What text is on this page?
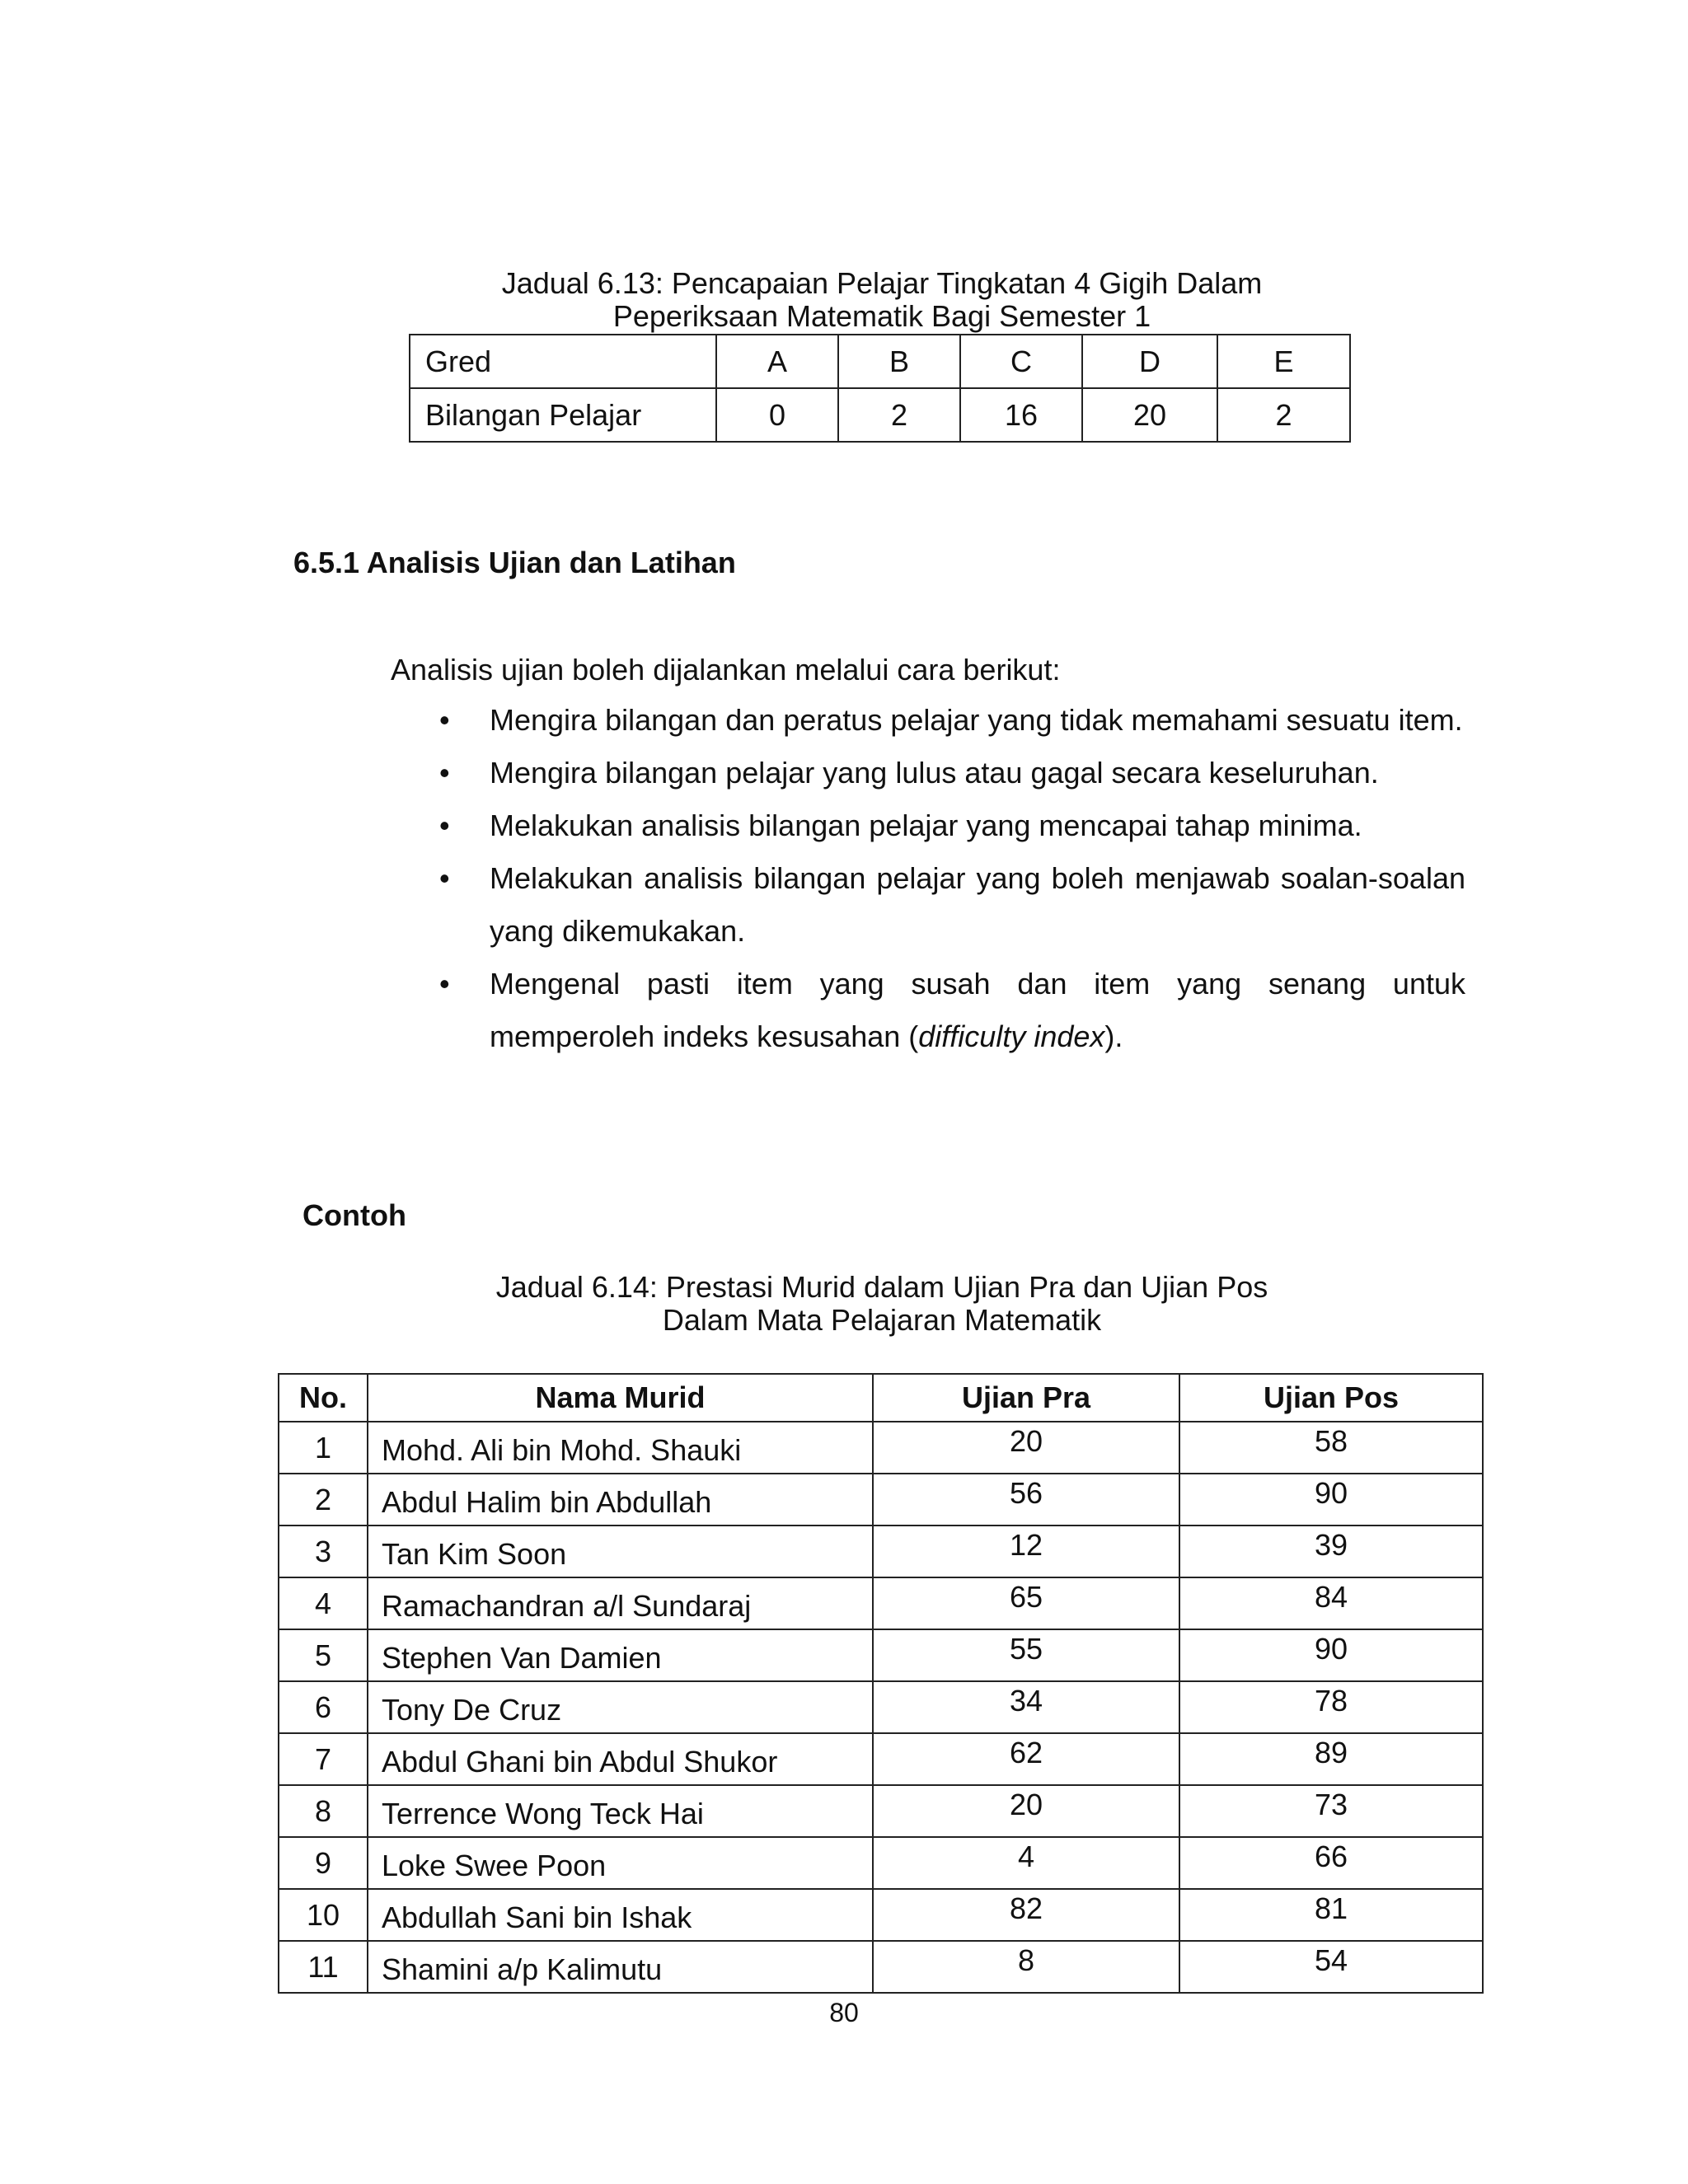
Jadual 6.13: Pencapaian Pelajar Tingkatan 4 Gigih Dalam
Peperiksaan Matematik Bagi Semester 1
Gred	A	B	C	D	E
Bilangan Pelajar	0	2	16	20	2
6.5.1 Analisis Ujian dan Latihan
Analisis ujian boleh dijalankan melalui cara berikut:
• Mengira bilangan dan peratus pelajar yang tidak memahami sesuatu item.
• Mengira bilangan pelajar yang lulus atau gagal secara keseluruhan.
• Melakukan analisis bilangan pelajar yang mencapai tahap minima.
• Melakukan analisis bilangan pelajar yang boleh menjawab soalan-soalan yang dikemukakan.
• Mengenal pasti item yang susah dan item yang senang untuk memperoleh indeks kesusahan (difficulty index).
Contoh
Jadual 6.14: Prestasi Murid dalam Ujian Pra dan Ujian Pos
Dalam Mata Pelajaran Matematik
No.	Nama Murid	Ujian Pra	Ujian Pos
1	Mohd. Ali bin Mohd. Shauki	20	58
2	Abdul Halim bin Abdullah	56	90
3	Tan Kim Soon	12	39
4	Ramachandran a/l Sundaraj	65	84
5	Stephen Van Damien	55	90
6	Tony De Cruz	34	78
7	Abdul Ghani bin Abdul Shukor	62	89
8	Terrence Wong Teck Hai	20	73
9	Loke Swee Poon	4	66
10	Abdullah Sani bin Ishak	82	81
11	Shamini a/p Kalimutu	8	54
80
